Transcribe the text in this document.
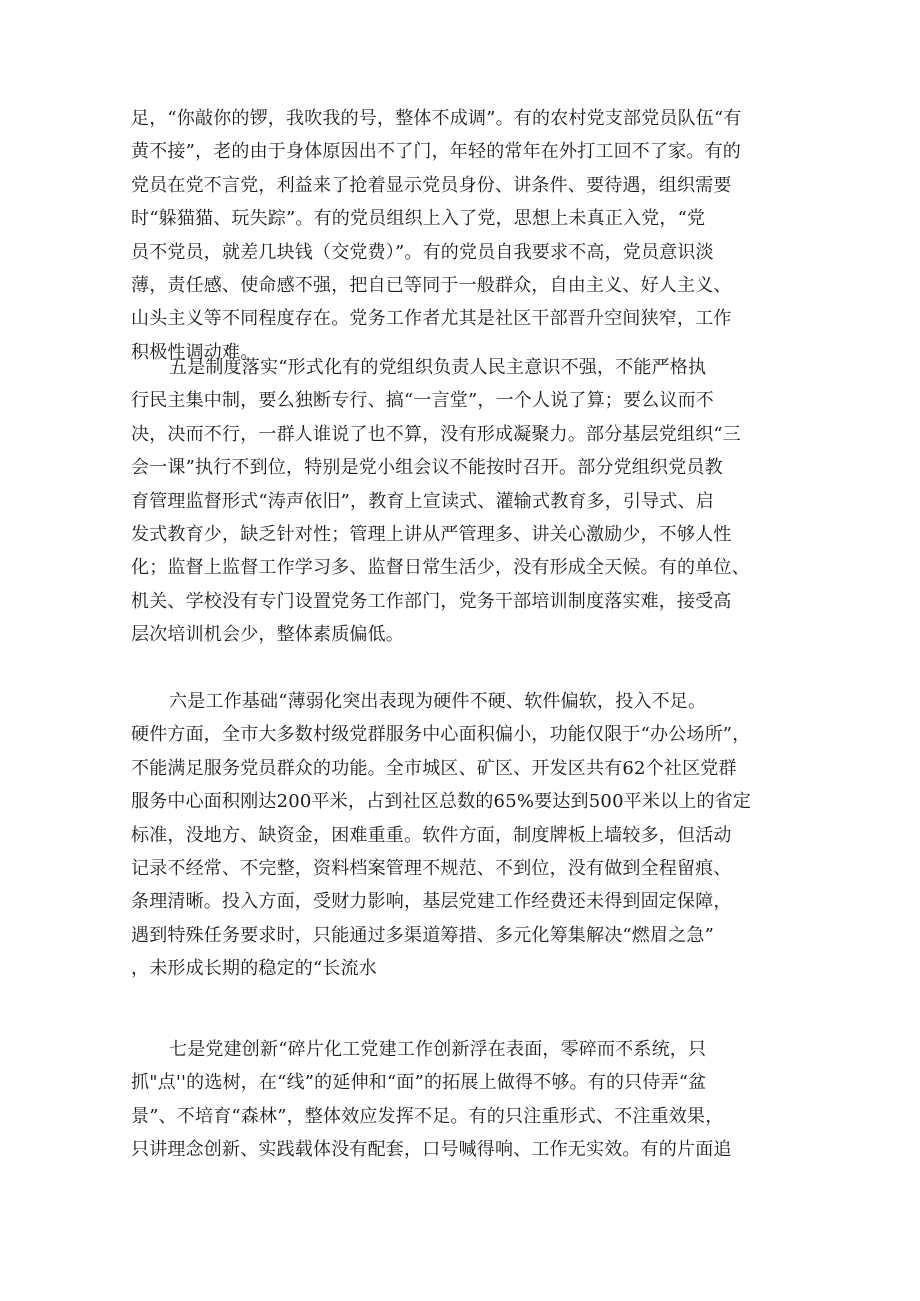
足，“你敲你的锣，我吹我的号，整体不成调”。有的农村党支部党员队伍“有
黄不接”，老的由于身体原因出不了门，年轻的常年在外打工回不了家。有的
党员在党不言党，利益来了抢着显示党员身份、讲条件、要待遇，组织需要
时“躲猫猫、玩失踪”。有的党员组织上入了党，思想上未真正入党，“党
员不党员，就差几块钱（交党费）”。有的党员自我要求不高，党员意识淡
薄，责任感、使命感不强，把自已等同于一般群众，自由主义、好人主义、
山头主义等不同程度存在。党务工作者尤其是社区干部晋升空间狭窄，工作
积极性调动难。
五是制度落实“形式化有的党组织负责人民主意识不强，不能严格执
行民主集中制，要么独断专行、搞“一言堂”，一个人说了算；要么议而不
决，决而不行，一群人谁说了也不算，没有形成凝聚力。部分基层党组织“三
会一课”执行不到位，特别是党小组会议不能按时召开。部分党组织党员教
育管理监督形式“涛声依旧”，教育上宣读式、灌输式教育多，引导式、启
发式教育少，缺乏针对性；管理上讲从严管理多、讲关心激励少，不够人性
化；监督上监督工作学习多、监督日常生活少，没有形成全天候。有的单位、
机关、学校没有专门设置党务工作部门，党务干部培训制度落实难，接受高
层次培训机会少，整体素质偏低。
六是工作基础“薄弱化突出表现为硬件不硬、软件偏软，投入不足。
硬件方面，全市大多数村级党群服务中心面积偏小，功能仅限于“办公场所”，
不能满足服务党员群众的功能。全市城区、矿区、开发区共有62个社区党群
服务中心面积刚达200平米，占到社区总数的65%要达到500平米以上的省定
标准，没地方、缺资金，困难重重。软件方面，制度牌板上墙较多，但活动
记录不经常、不完整，资料档案管理不规范、不到位，没有做到全程留痕、
条理清晰。投入方面，受财力影响，基层党建工作经费还未得到固定保障，
遇到特殊任务要求时，只能通过多渠道筹措、多元化筹集解决“燃眉之急”
，未形成长期的稳定的“长流水
七是党建创新“碎片化工党建工作创新浮在表面，零碎而不系统，只
抓"点''的选树，在“线”的延伸和“面”的拓展上做得不够。有的只侍弄“盆
景”、不培育“森林”，整体效应发挥不足。有的只注重形式、不注重效果，
只讲理念创新、实践载体没有配套，口号喊得响、工作无实效。有的片面追
